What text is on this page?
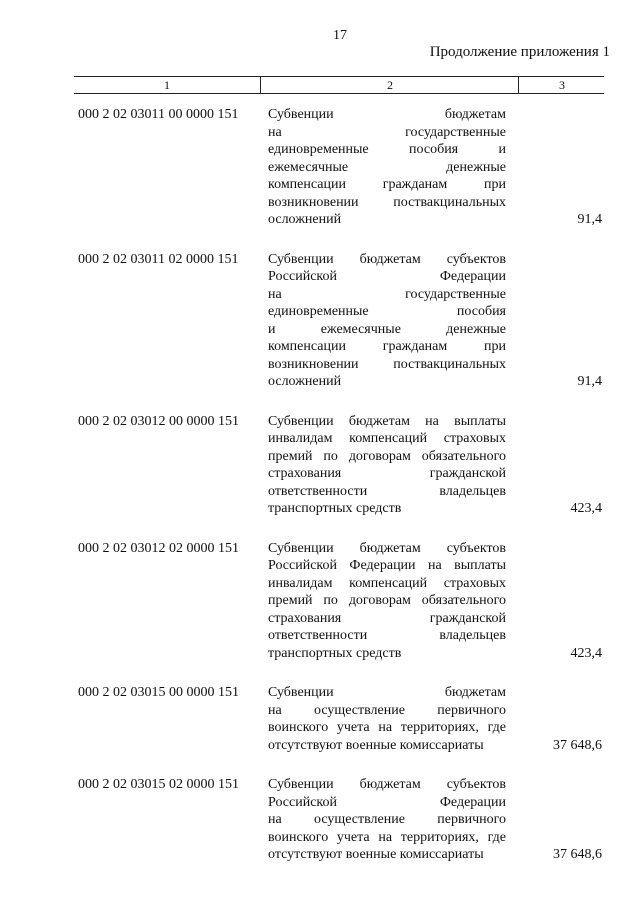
17
Продолжение приложения 1
1	2	3
000 2 02 03011 00 0000 151	Субвенции бюджетам
на государственные
единовременные пособия и
ежемесячные денежные
компенсации гражданам при
возникновении поствакцинальных
осложнений	91,4
000 2 02 03011 02 0000 151	Субвенции бюджетам субъектов
Российской Федерации
на государственные
единовременные пособия
и ежемесячные денежные
компенсации гражданам при
возникновении поствакцинальных
осложнений	91,4
000 2 02 03012 00 0000 151	Субвенции бюджетам на выплаты
инвалидам компенсаций страховых
премий по договорам обязательного
страхования гражданской
ответственности владельцев
транспортных средств	423,4
000 2 02 03012 02 0000 151	Субвенции бюджетам субъектов
Российской Федерации на выплаты
инвалидам компенсаций страховых
премий по договорам обязательного
страхования гражданской
ответственности владельцев
транспортных средств	423,4
000 2 02 03015 00 0000 151	Субвенции бюджетам
на осуществление первичного
воинского учета на территориях, где
отсутствуют военные комиссариаты	37 648,6
000 2 02 03015 02 0000 151	Субвенции бюджетам субъектов
Российской Федерации
на осуществление первичного
воинского учета на территориях, где
отсутствуют военные комиссариаты	37 648,6
